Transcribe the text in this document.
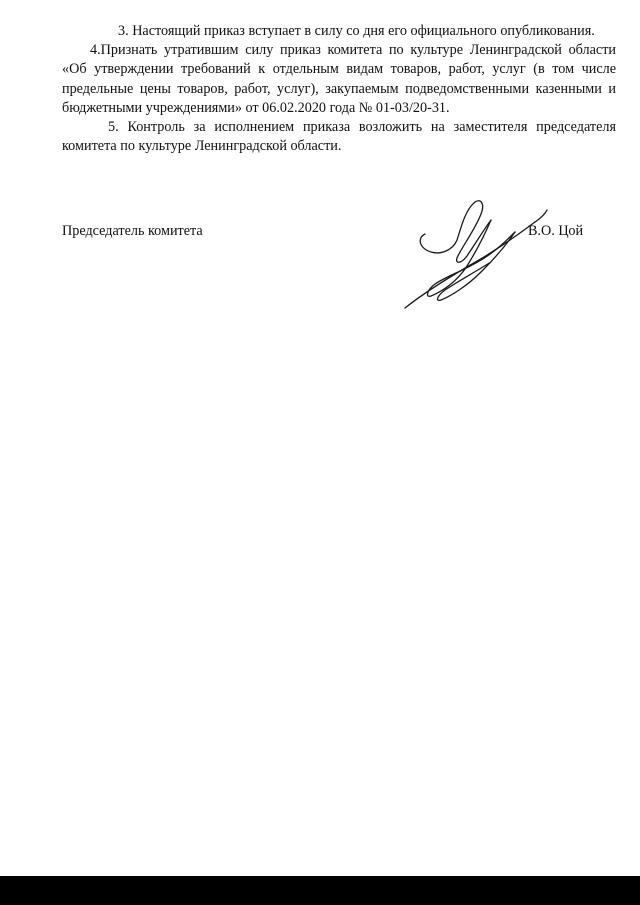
3. Настоящий приказ вступает в силу со дня его официального опубликования.

4.Признать утратившим силу приказ комитета по культуре Ленинградской области «Об утверждении требований к отдельным видам товаров, работ, услуг (в том числе предельные цены товаров, работ, услуг), закупаемым подведомственными казенными и бюджетными учреждениями» от 06.02.2020 года № 01-03/20-31.

5. Контроль за исполнением приказа возложить на заместителя председателя комитета по культуре Ленинградской области.

Председатель комитета	В.О. Цой
